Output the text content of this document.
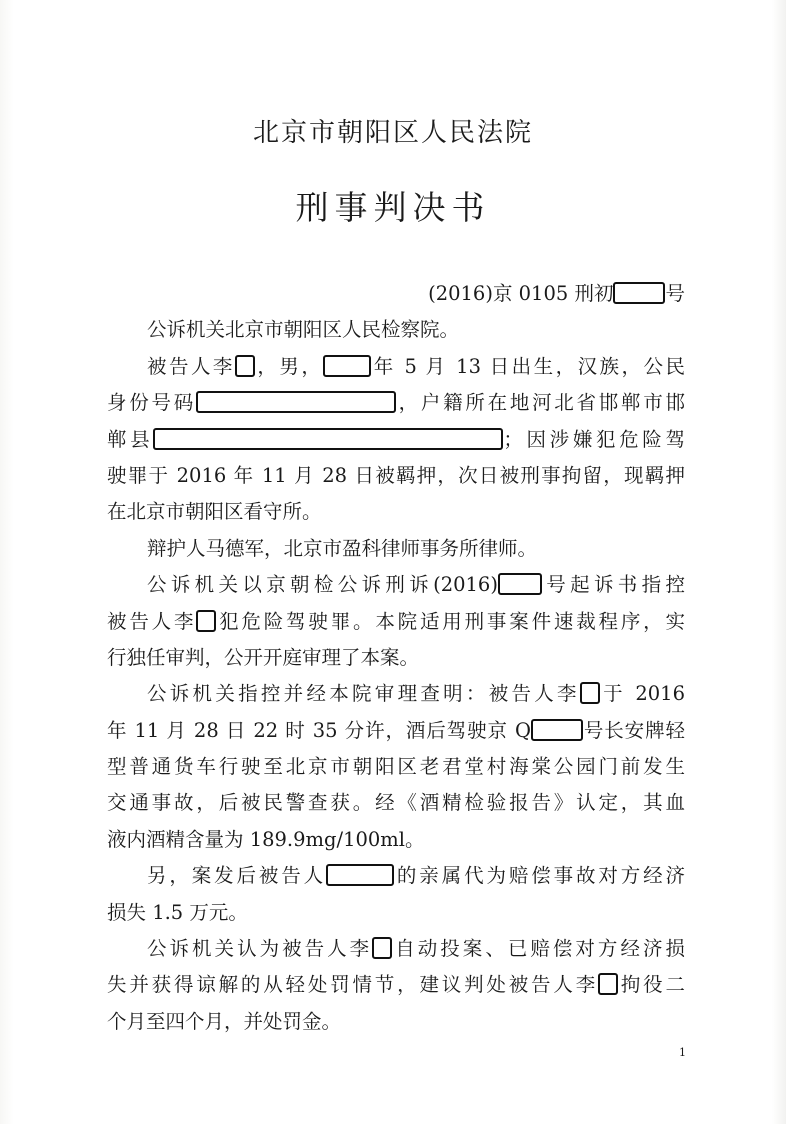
北京市朝阳区人民法院
刑事判决书
(2016)京 0105 刑初	号
公诉机关北京市朝阳区人民检察院。
被告人李 ，男， 年 5 月 13 日出生，汉族，公民
身份号码	，户籍所在地河北省邯郸市邯
郸县	；因涉嫌犯危险驾
驶罪于 2016 年 11 月 28 日被羁押，次日被刑事拘留，现羁押
在北京市朝阳区看守所。
辩护人马德军，北京市盈科律师事务所律师。
公诉机关以京朝检公诉刑诉(2016) 号起诉书指控
被告人李 犯危险驾驶罪。本院适用刑事案件速裁程序，实
行独任审判，公开开庭审理了本案。
公诉机关指控并经本院审理查明：被告人李 于 2016
年 11 月 28 日 22 时 35 分许，酒后驾驶京 Q	号长安牌轻
型普通货车行驶至北京市朝阳区老君堂村海棠公园门前发生
交通事故，后被民警查获。经《酒精检验报告》认定，其血
液内酒精含量为 189.9mg/100ml。
另，案发后被告人	的亲属代为赔偿事故对方经济
损失 1.5 万元。
公诉机关认为被告人李 自动投案、已赔偿对方经济损
失并获得谅解的从轻处罚情节，建议判处被告人李 拘役二
个月至四个月，并处罚金。
1
